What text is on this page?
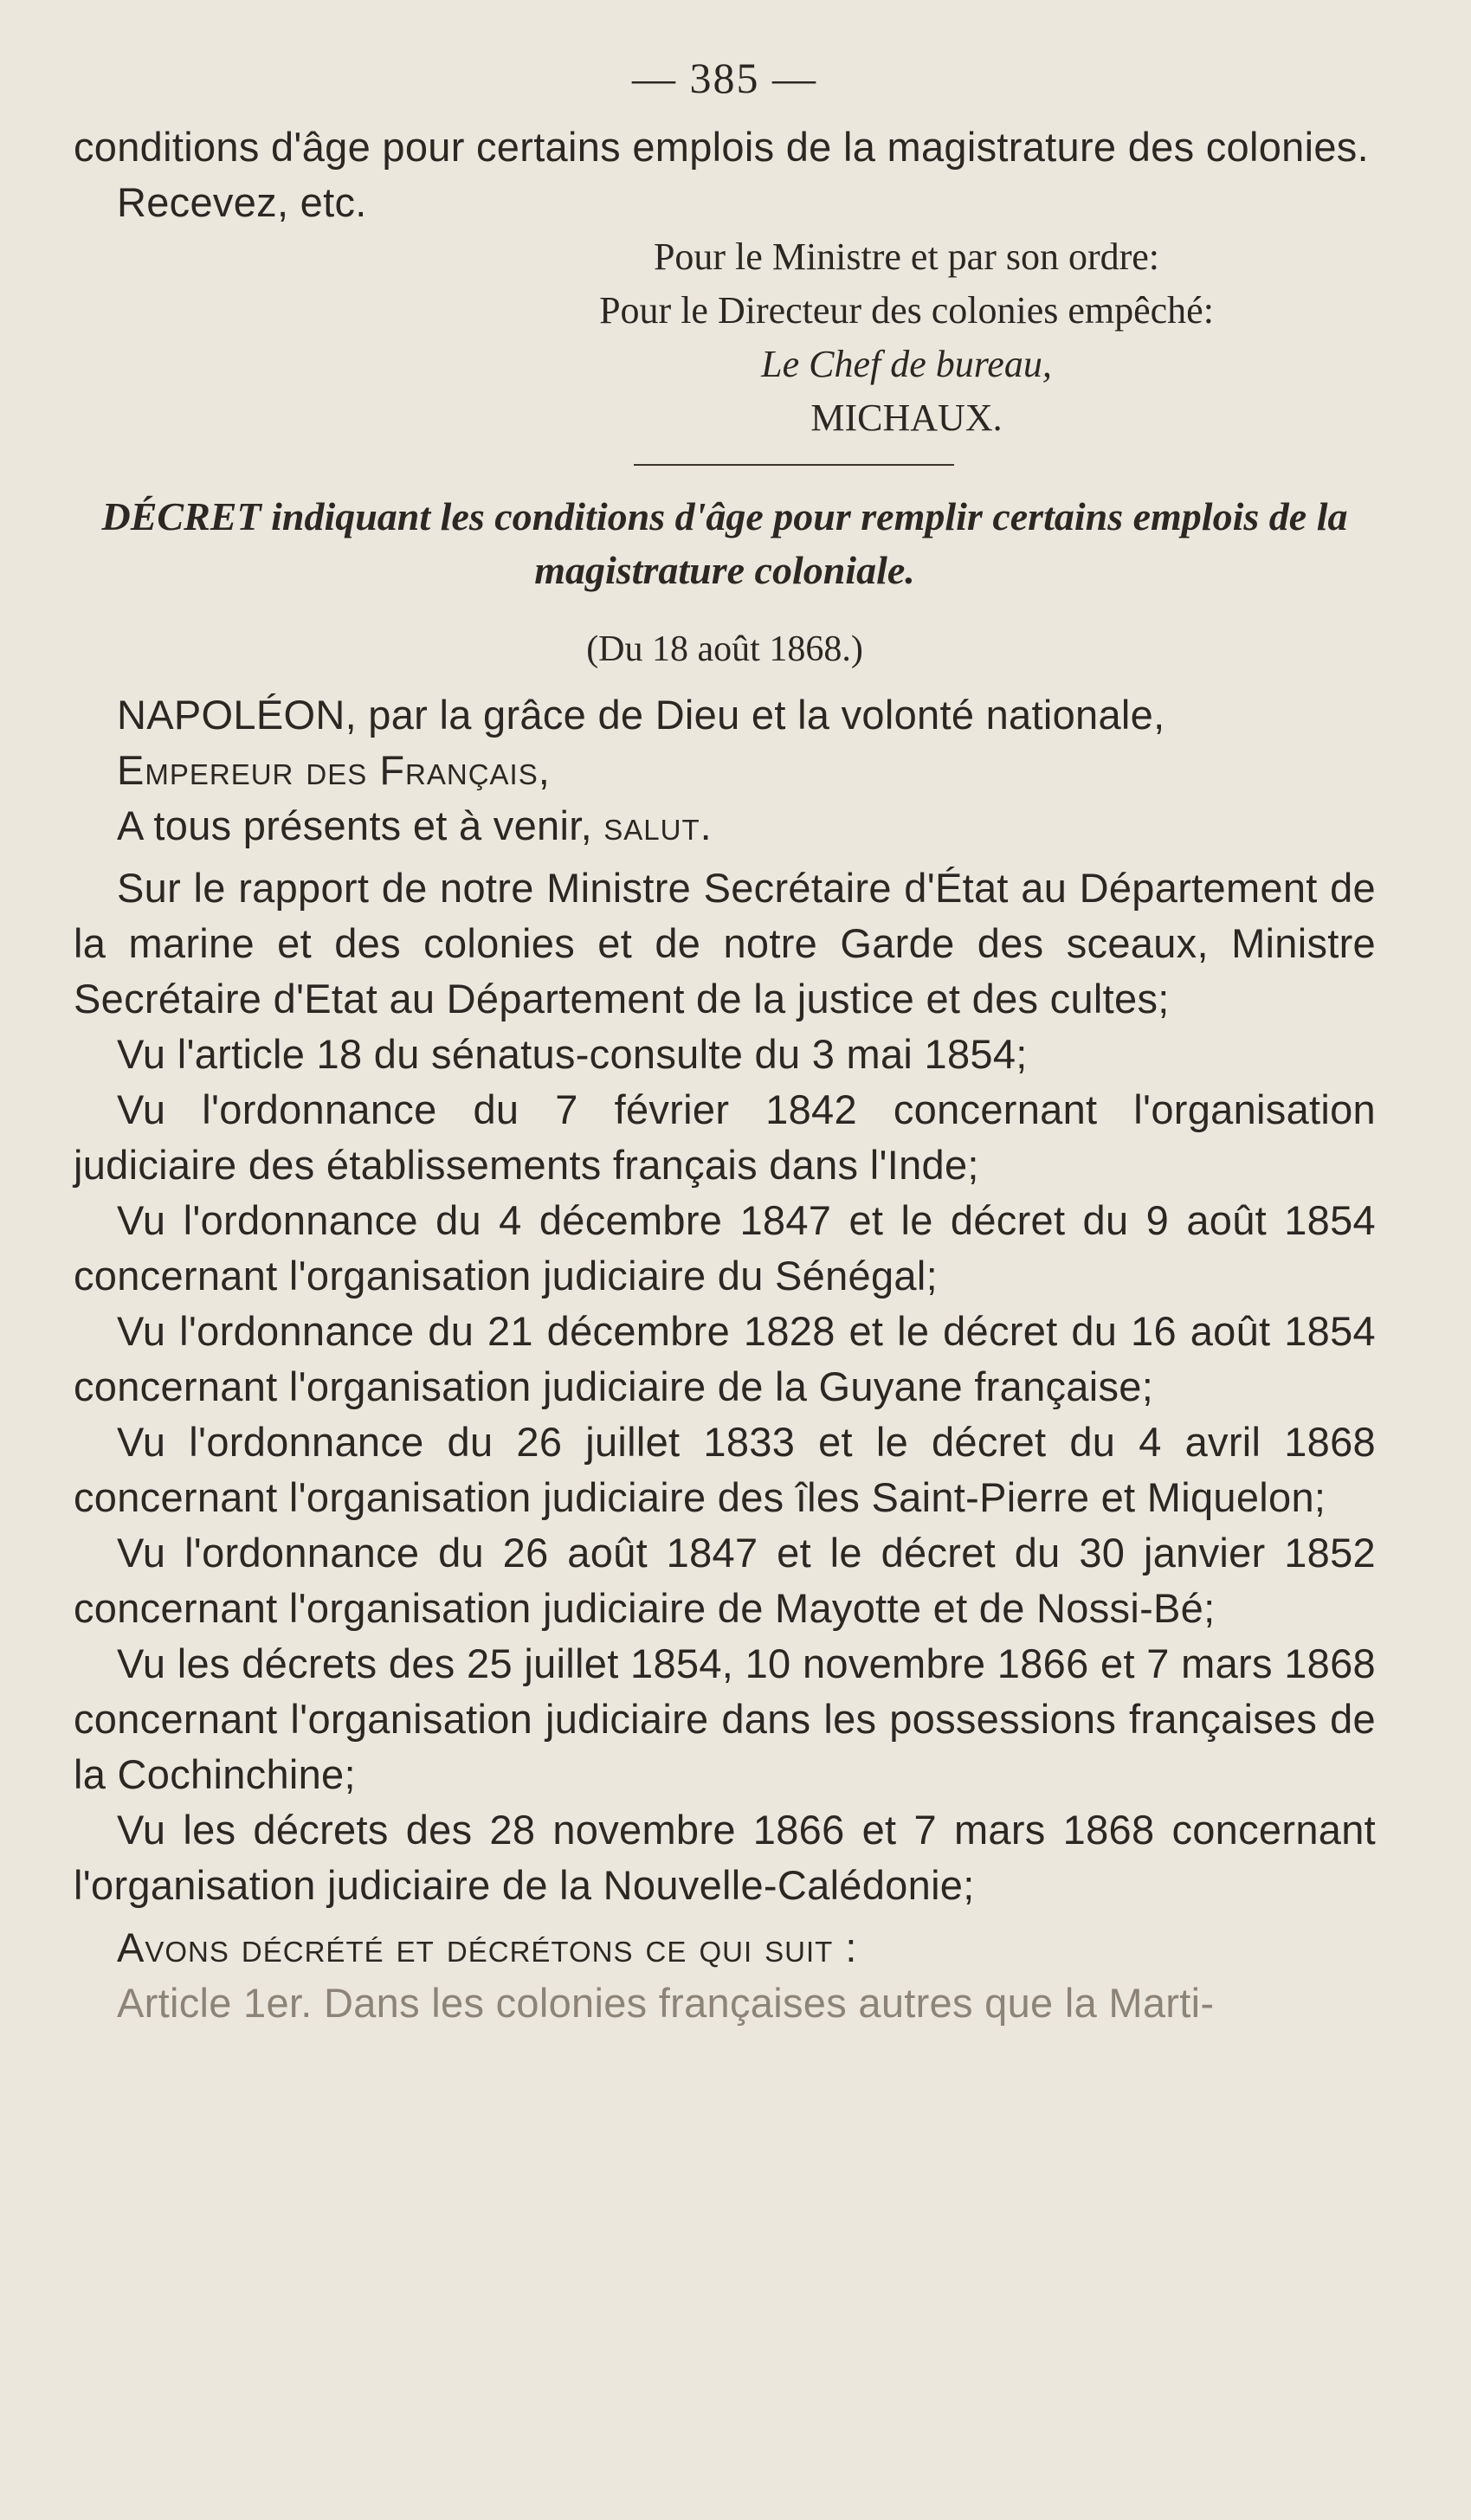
— 385 —

conditions d'âge pour certains emplois de la magistrature des colonies.

Recevez, etc.

Pour le Ministre et par son ordre:
Pour le Directeur des colonies empêché:
Le Chef de bureau,
MICHAUX.
DÉCRET indiquant les conditions d'âge pour remplir certains emplois de la magistrature coloniale.
(Du 18 août 1868.)

NAPOLÉON, par la grâce de Dieu et la volonté nationale,

Empereur des Français,

A tous présents et à venir, salut.

Sur le rapport de notre Ministre Secrétaire d'État au Département de la marine et des colonies et de notre Garde des sceaux, Ministre Secrétaire d'Etat au Département de la justice et des cultes;

Vu l'article 18 du sénatus-consulte du 3 mai 1854;

Vu l'ordonnance du 7 février 1842 concernant l'organisation judiciaire des établissements français dans l'Inde;

Vu l'ordonnance du 4 décembre 1847 et le décret du 9 août 1854 concernant l'organisation judiciaire du Sénégal;

Vu l'ordonnance du 21 décembre 1828 et le décret du 16 août 1854 concernant l'organisation judiciaire de la Guyane française;

Vu l'ordonnance du 26 juillet 1833 et le décret du 4 avril 1868 concernant l'organisation judiciaire des îles Saint-Pierre et Miquelon;

Vu l'ordonnance du 26 août 1847 et le décret du 30 janvier 1852 concernant l'organisation judiciaire de Mayotte et de Nossi-Bé;

Vu les décrets des 25 juillet 1854, 10 novembre 1866 et 7 mars 1868 concernant l'organisation judiciaire dans les possessions françaises de la Cochinchine;

Vu les décrets des 28 novembre 1866 et 7 mars 1868 concernant l'organisation judiciaire de la Nouvelle-Calédonie;

Avons décrété et décrétons ce qui suit :

Article 1er. Dans les colonies françaises autres que la Marti-
